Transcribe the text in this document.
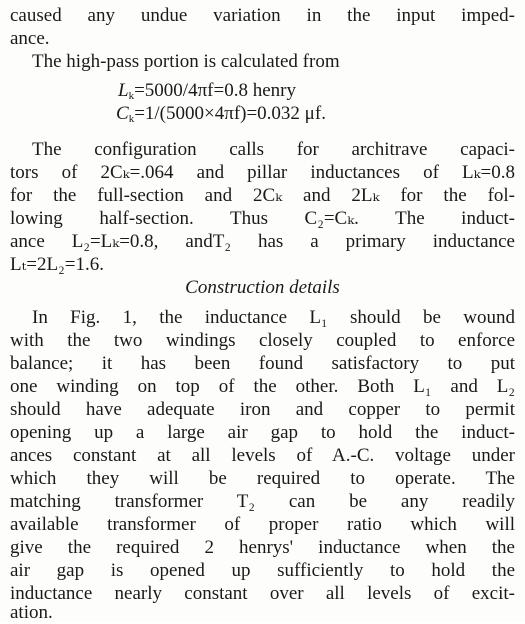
caused any undue variation in the input imped-
ance.
The high-pass portion is calculated from
$L_k=5000/4\pi f=0.8$ henry
$C_k=1/(5000\times 4\pi f)=0.032$ μf.
The configuration calls for architrave capaci-
tors of 2Cₖ=.064 and pillar inductances of Lₖ=0.8
for the full-section and 2Cₖ and 2Lₖ for the fol-
lowing half-section. Thus C₂=Cₖ. The induct-
ance L₂=Lₖ=0.8, andT₂ has a primary inductance
Lₜ=2L₂=1.6.
Construction details
In Fig. 1, the inductance L₁ should be wound
with the two windings closely coupled to enforce
balance; it has been found satisfactory to put
one winding on top of the other. Both L₁ and L₂
should have adequate iron and copper to permit
opening up a large air gap to hold the induct-
ances constant at all levels of A.-C. voltage under
which they will be required to operate. The
matching transformer T₂ can be any readily
available transformer of proper ratio which will
give the required 2 henrys' inductance when the
air gap is opened up sufficiently to hold the
inductance nearly constant over all levels of excit-
ation.
